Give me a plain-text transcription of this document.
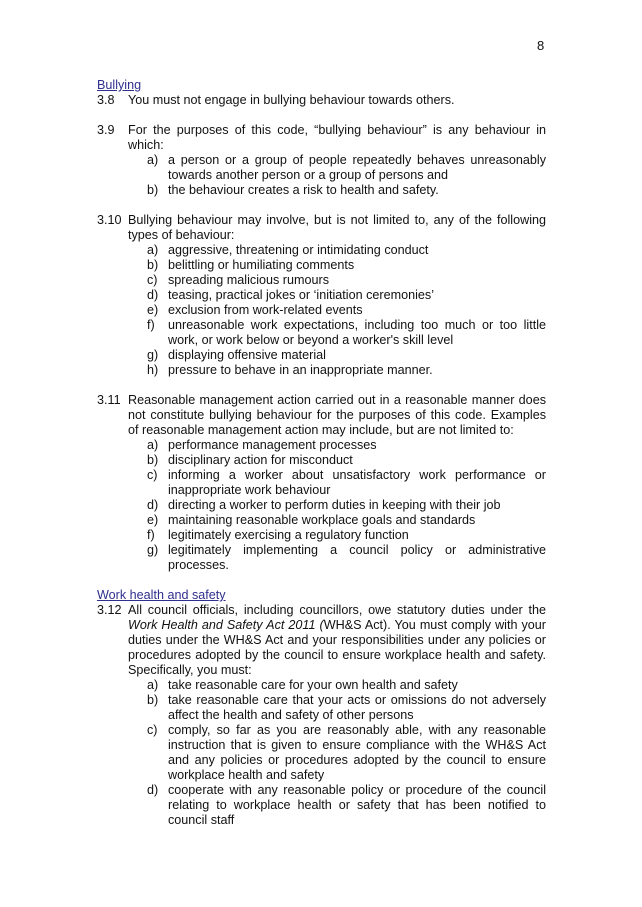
8
Bullying
3.8	You must not engage in bullying behaviour towards others.
3.9	For the purposes of this code, “bullying behaviour” is any behaviour in which:
a) a person or a group of people repeatedly behaves unreasonably towards another person or a group of persons and
b) the behaviour creates a risk to health and safety.
3.10 Bullying behaviour may involve, but is not limited to, any of the following types of behaviour:
a) aggressive, threatening or intimidating conduct
b) belittling or humiliating comments
c) spreading malicious rumours
d) teasing, practical jokes or ‘initiation ceremonies’
e) exclusion from work-related events
f)	unreasonable work expectations, including too much or too little work, or work below or beyond a worker's skill level
g) displaying offensive material
h) pressure to behave in an inappropriate manner.
3.11 Reasonable management action carried out in a reasonable manner does not constitute bullying behaviour for the purposes of this code. Examples of reasonable management action may include, but are not limited to:
a) performance management processes
b) disciplinary action for misconduct
c) informing a worker about unsatisfactory work performance or inappropriate work behaviour
d) directing a worker to perform duties in keeping with their job
e) maintaining reasonable workplace goals and standards
f)	legitimately exercising a regulatory function
g) legitimately implementing a council policy or administrative processes.
Work health and safety
3.12 All council officials, including councillors, owe statutory duties under the Work Health and Safety Act 2011 (WH&S Act). You must comply with your duties under the WH&S Act and your responsibilities under any policies or procedures adopted by the council to ensure workplace health and safety. Specifically, you must:
a) take reasonable care for your own health and safety
b) take reasonable care that your acts or omissions do not adversely affect the health and safety of other persons
c) comply, so far as you are reasonably able, with any reasonable instruction that is given to ensure compliance with the WH&S Act and any policies or procedures adopted by the council to ensure workplace health and safety
d) cooperate with any reasonable policy or procedure of the council relating to workplace health or safety that has been notified to council staff
